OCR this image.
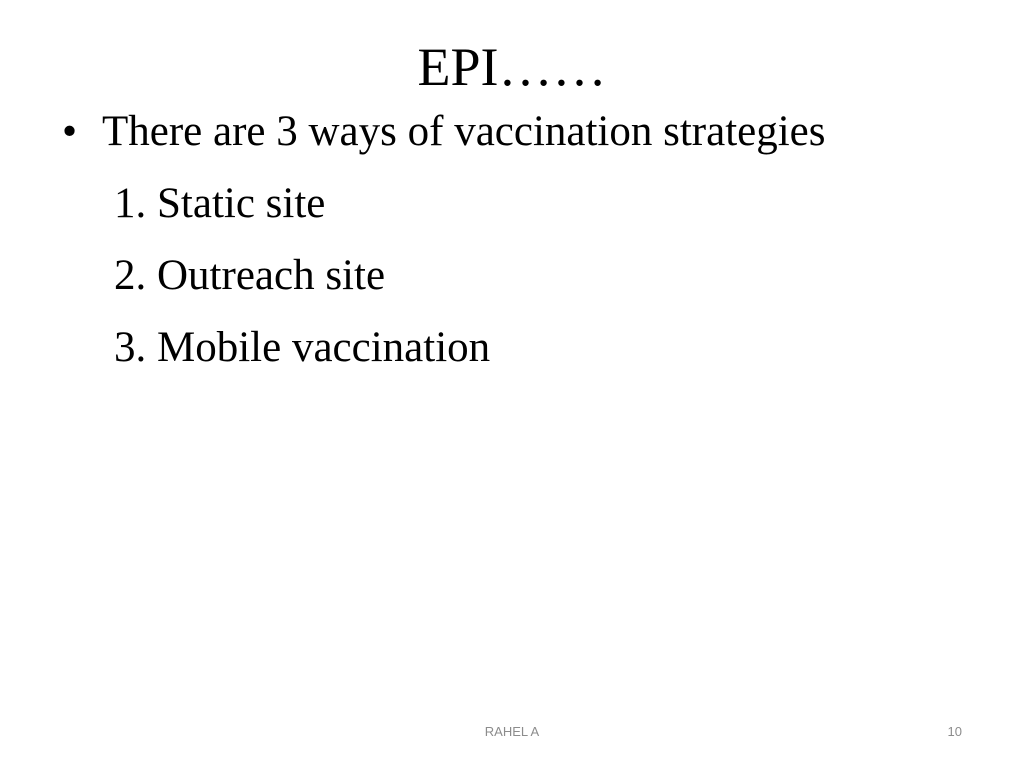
EPI……
• There are 3 ways of vaccination strategies
1. Static site
2. Outreach site
3. Mobile vaccination
RAHEL A	10
